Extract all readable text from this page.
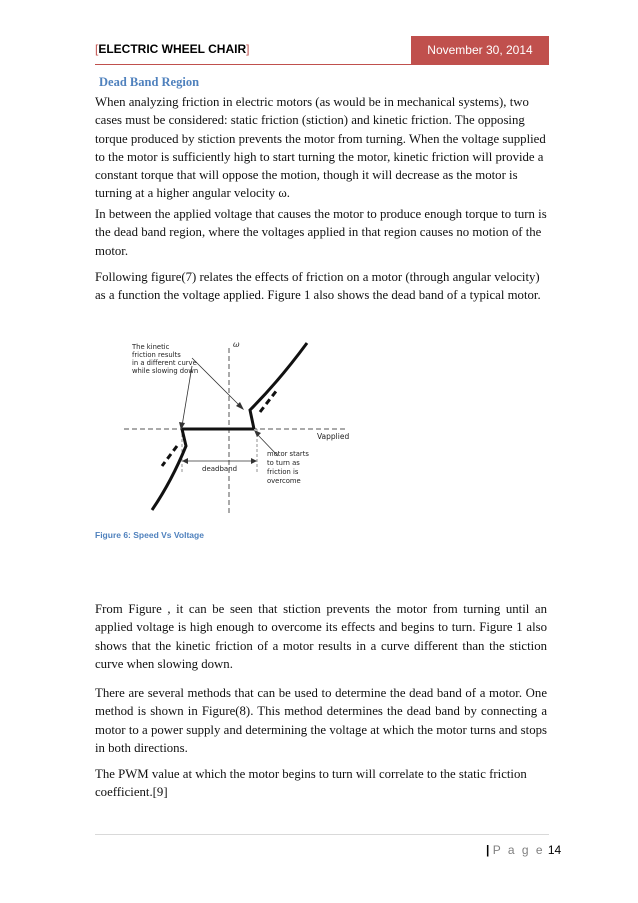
[ELECTRIC WHEEL CHAIR]	November 30, 2014
Dead Band Region

When analyzing friction in electric motors (as would be in mechanical systems), two cases must be considered: static friction (stiction) and kinetic friction. The opposing torque produced by stiction prevents the motor from turning. When the voltage supplied to the motor is sufficiently high to start turning the motor, kinetic friction will provide a constant torque that will oppose the motion, though it will decrease as the motor is turning at a higher angular velocity ω.

In between the applied voltage that causes the motor to produce enough torque to turn is the dead band region, where the voltages applied in that region causes no motion of the motor.

Following figure(7) relates the effects of friction on a motor (through angular velocity) as a function the voltage applied. Figure 1 also shows the dead band of a typical motor.

ω
Vapplied
deadband
The kinetic
friction results
in a different curve
while slowing down
motor starts
to turn as
friction is
overcome
Figure 6: Speed Vs Voltage

From Figure , it can be seen that stiction prevents the motor from turning until an applied voltage is high enough to overcome its effects and begins to turn. Figure 1 also shows that the kinetic friction of a motor results in a curve different than the stiction curve when slowing down.

There are several methods that can be used to determine the dead band of a motor. One method is shown in Figure(8). This method determines the dead band by connecting a motor to a power supply and determining the voltage at which the motor turns and stops in both directions.

The PWM value at which the motor begins to turn will correlate to the static friction coefficient.[9]

| P a g e 14
